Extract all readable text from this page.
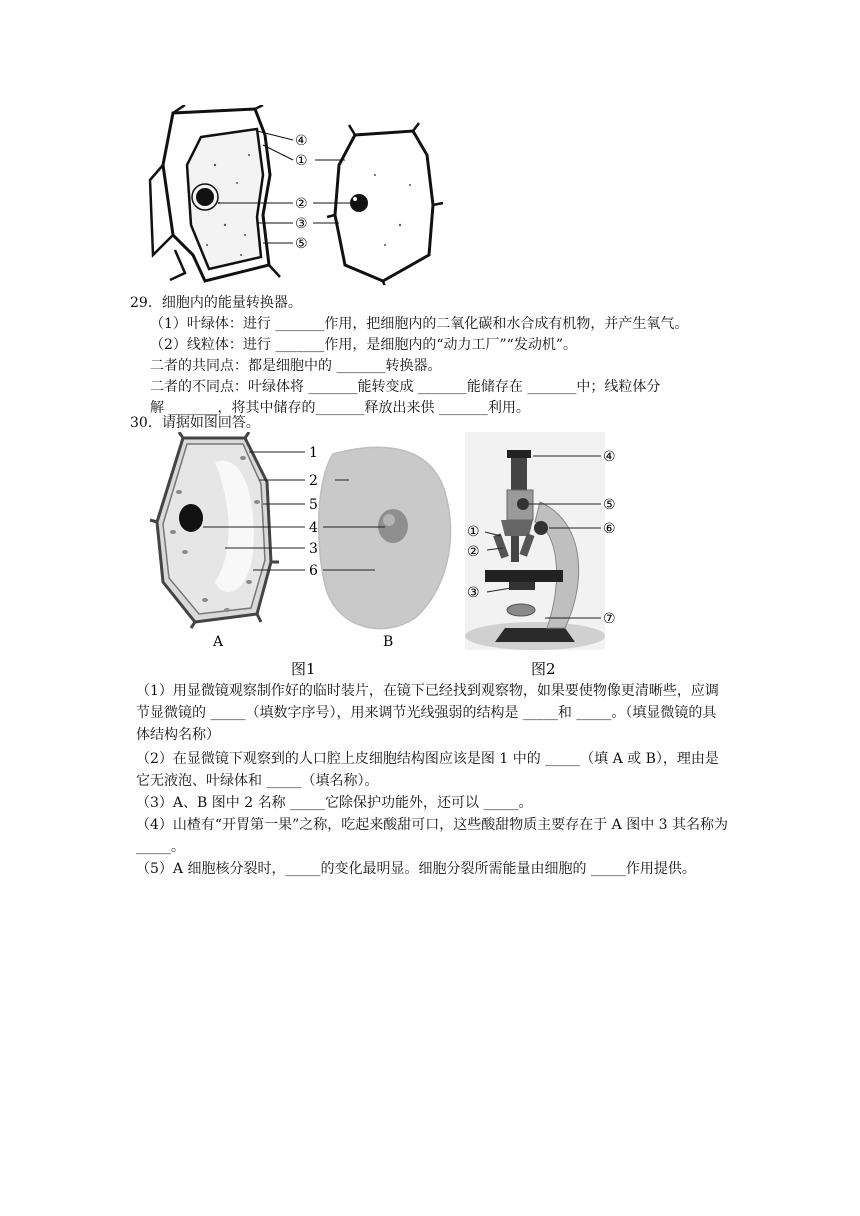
④
①
②
③
⑤
29．细胞内的能量转换器。
（1）叶绿体：进行 _______作用，把细胞内的二氧化碳和水合成有机物，并产生氧气。
（2）线粒体：进行 _______作用，是细胞内的“动力工厂”“发动机”。
二者的共同点：都是细胞中的 _______转换器。
二者的不同点：叶绿体将 _______能转变成 _______能储存在 _______中；线粒体分
解 _______，将其中储存的_______释放出来供 _______利用。
30．请据如图回答。
A	B
1
2
5
4
3
6
④
⑤
⑥
①
②
③
⑦
图1	图2
（1）用显微镜观察制作好的临时装片，在镜下已经找到观察物，如果要使物像更清晰些，应调节显微镜的 _____（填数字序号），用来调节光线强弱的结构是 _____和 _____。（填显微镜的具体结构名称）
（2）在显微镜下观察到的人口腔上皮细胞结构图应该是图 1 中的 _____（填 A 或 B），理由是它无液泡、叶绿体和 _____（填名称）。
（3）A、B 图中 2 名称 _____它除保护功能外，还可以 _____。
（4）山楂有“开胃第一果”之称，吃起来酸甜可口，这些酸甜物质主要存在于 A 图中 3 其名称为 _____。
（5）A 细胞核分裂时，_____的变化最明显。细胞分裂所需能量由细胞的 _____作用提供。
